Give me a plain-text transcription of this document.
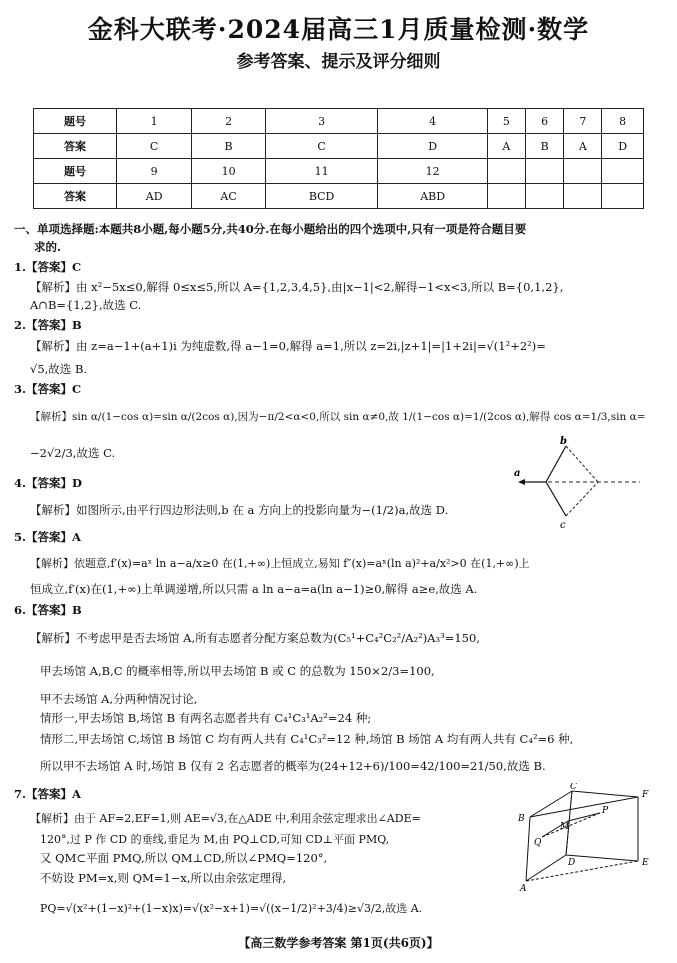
金科大联考·2024届高三1月质量检测·数学
参考答案、提示及评分细则
题号	1	2	3	4	5	6	7	8
答案	C	B	C	D	A	B	A	D
题号	9	10	11	12				
答案	AD	AC	BCD	ABD				
一、单项选择题:本题共8小题,每小题5分,共40分.在每小题给出的四个选项中,只有一项是符合题目要
求的.
1.【答案】C
【解析】由 x²−5x≤0,解得 0≤x≤5,所以 A={1,2,3,4,5},由|x−1|<2,解得−1<x<3,所以 B={0,1,2},
A∩B={1,2},故选 C.
2.【答案】B
【解析】由 z=a−1+(a+1)i 为纯虚数,得 a−1=0,解得 a=1,所以 z=2i,|z+1|=|1+2i|=√(1²+2²)=
√5,故选 B.
3.【答案】C
【解析】sin α/(1−cos α)=sin α/(2cos α),因为−π/2<α<0,所以 sin α≠0,故 1/(1−cos α)=1/(2cos α),解得 cos α=1/3,sin α=
−2√2/3,故选 C.
a
b
c
4.【答案】D
【解析】如图所示,由平行四边形法则,b 在 a 方向上的投影向量为−(1/2)a,故选 D.
5.【答案】A
【解析】依题意,f′(x)=aˣ ln a−a/x≥0 在(1,+∞)上恒成立,易知 f″(x)=aˣ(ln a)²+a/x²>0 在(1,+∞)上
恒成立,f′(x)在(1,+∞)上单调递增,所以只需 a ln a−a=a(ln a−1)≥0,解得 a≥e,故选 A.
6.【答案】B
【解析】不考虑甲是否去场馆 A,所有志愿者分配方案总数为(C₅¹+C₄²C₂²/A₂²)A₃³=150,
甲去场馆 A,B,C 的概率相等,所以甲去场馆 B 或 C 的总数为 150×2/3=100,
甲不去场馆 A,分两种情况讨论,
情形一,甲去场馆 B,场馆 B 有两名志愿者共有 C₄¹C₃¹A₂²=24 种;
情形二,甲去场馆 C,场馆 B 场馆 C 均有两人共有 C₄¹C₃²=12 种,场馆 B 场馆 A 均有两人共有 C₄²=6 种,
所以甲不去场馆 A 时,场馆 B 仅有 2 名志愿者的概率为(24+12+6)/100=42/100=21/50,故选 B.
7.【答案】A
【解析】由于 AF=2,EF=1,则 AE=√3,在△ADE 中,利用余弦定理求出∠ADE=
120°,过 P 作 CD 的垂线,垂足为 M,由 PQ⊥CD,可知 CD⊥平面 PMQ,
又 QM⊂平面 PMQ,所以 QM⊥CD,所以∠PMQ=120°,
不妨设 PM=x,则 QM=1−x,所以由余弦定理得,
PQ=√(x²+(1−x)²+(1−x)x)=√(x²−x+1)=√((x−1/2)²+3/4)≥√3/2,故选 A.
C
F
B
P
M
Q
D	E
A
【高三数学参考答案 第1页(共6页)】
